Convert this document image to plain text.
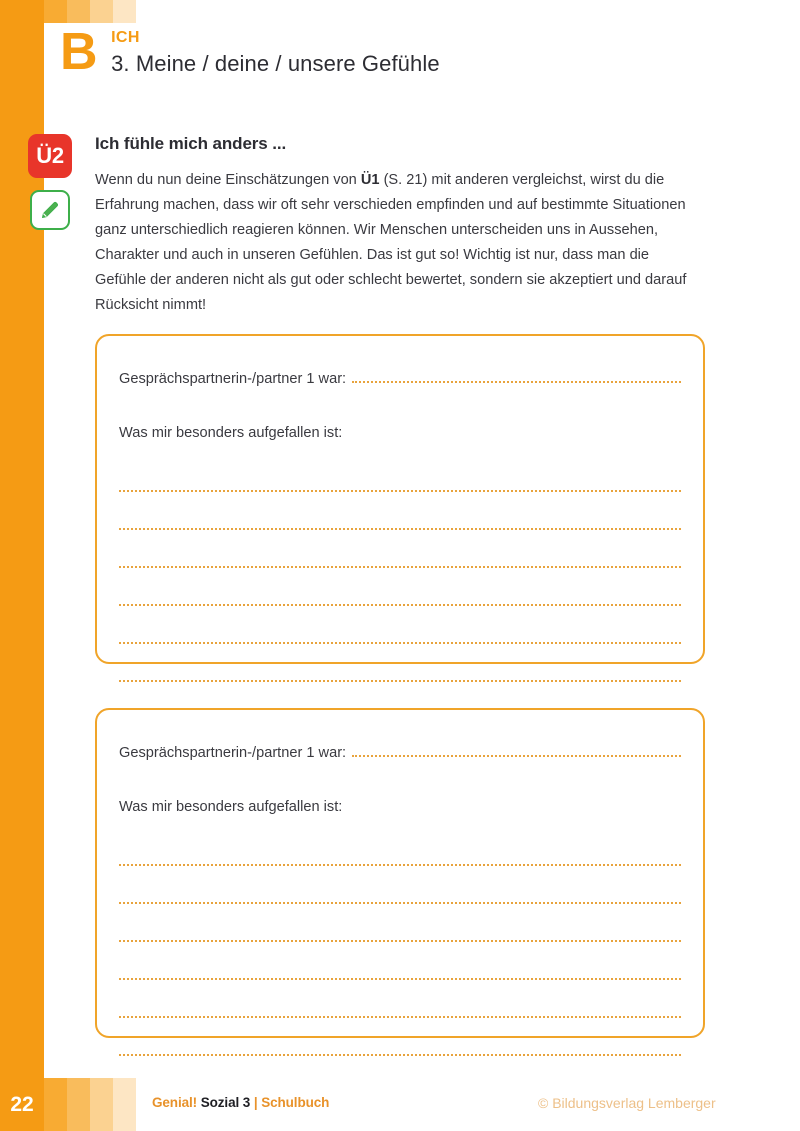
B ICH
3. Meine / deine / unsere Gefühle
Ü2	Ich fühle mich anders ...
Wenn du nun deine Einschätzungen von Ü1 (S. 21) mit anderen vergleichst, wirst du die Erfahrung machen, dass wir oft sehr verschieden empfinden und auf bestimmte Situationen ganz unterschiedlich reagieren können. Wir Menschen unterscheiden uns in Aussehen, Charakter und auch in unseren Gefühlen. Das ist gut so! Wichtig ist nur, dass man die Gefühle der anderen nicht als gut oder schlecht bewertet, sondern sie akzeptiert und darauf Rücksicht nimmt!
Gesprächspartnerin-/partner 1 war:
Was mir besonders aufgefallen ist:
Gesprächspartnerin-/partner 1 war:
Was mir besonders aufgefallen ist:
22	Genial! Sozial 3 | Schulbuch	© Bildungsverlag Lemberger
